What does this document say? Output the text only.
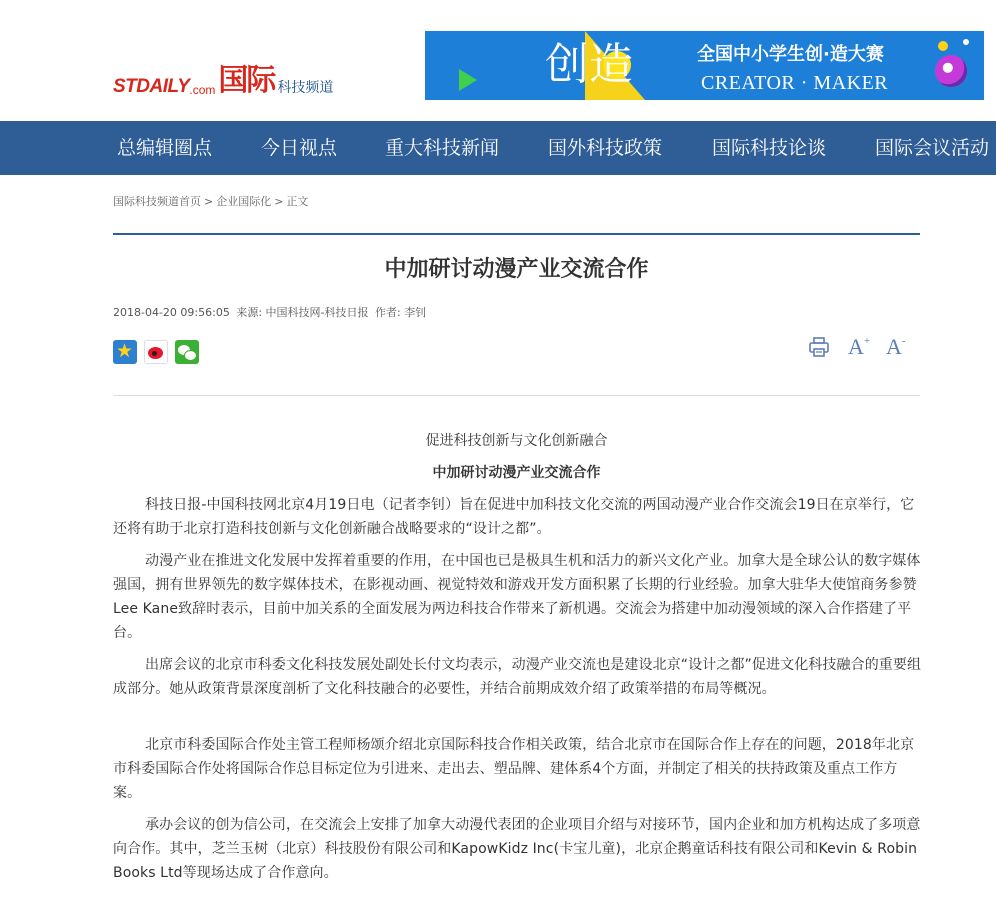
STDAILY .com 国际 科技频道	创造	全国中小学生创·造大赛
CREATOR · MAKER
总编辑圈点	今日视点	重大科技新闻	国外科技政策	国际科技论谈	国际会议活动
国际科技频道首页 > 企业国际化 > 正文
中加研讨动漫产业交流合作
2018-04-20 09:56:05 来源: 中国科技网-科技日报 作者: 李钊
★
A+ A-
促进科技创新与文化创新融合
中加研讨动漫产业交流合作

科技日报-中国科技网北京4月19日电（记者李钊）旨在促进中加科技文化交流的两国动漫产业合作交流会19日在京举行，它还将有助于北京打造科技创新与文化创新融合战略要求的“设计之都”。

动漫产业在推进文化发展中发挥着重要的作用，在中国也已是极具生机和活力的新兴文化产业。加拿大是全球公认的数字媒体强国，拥有世界领先的数字媒体技术，在影视动画、视觉特效和游戏开发方面积累了长期的行业经验。加拿大驻华大使馆商务参赞Lee Kane致辞时表示，目前中加关系的全面发展为两边科技合作带来了新机遇。交流会为搭建中加动漫领域的深入合作搭建了平台。

出席会议的北京市科委文化科技发展处副处长付文均表示，动漫产业交流也是建设北京“设计之都”促进文化科技融合的重要组成部分。她从政策背景深度剖析了文化科技融合的必要性，并结合前期成效介绍了政策举措的布局等概况。

北京市科委国际合作处主管工程师杨颂介绍北京国际科技合作相关政策，结合北京市在国际合作上存在的问题，2018年北京市科委国际合作处将国际合作总目标定位为引进来、走出去、塑品牌、建体系4个方面，并制定了相关的扶持政策及重点工作方案。

承办会议的创为信公司，在交流会上安排了加拿大动漫代表团的企业项目介绍与对接环节，国内企业和加方机构达成了多项意向合作。其中，芝兰玉树（北京）科技股份有限公司和KapowKidz Inc(卡宝儿童)，北京企鹅童话科技有限公司和Kevin & Robin Books Ltd等现场达成了合作意向。
